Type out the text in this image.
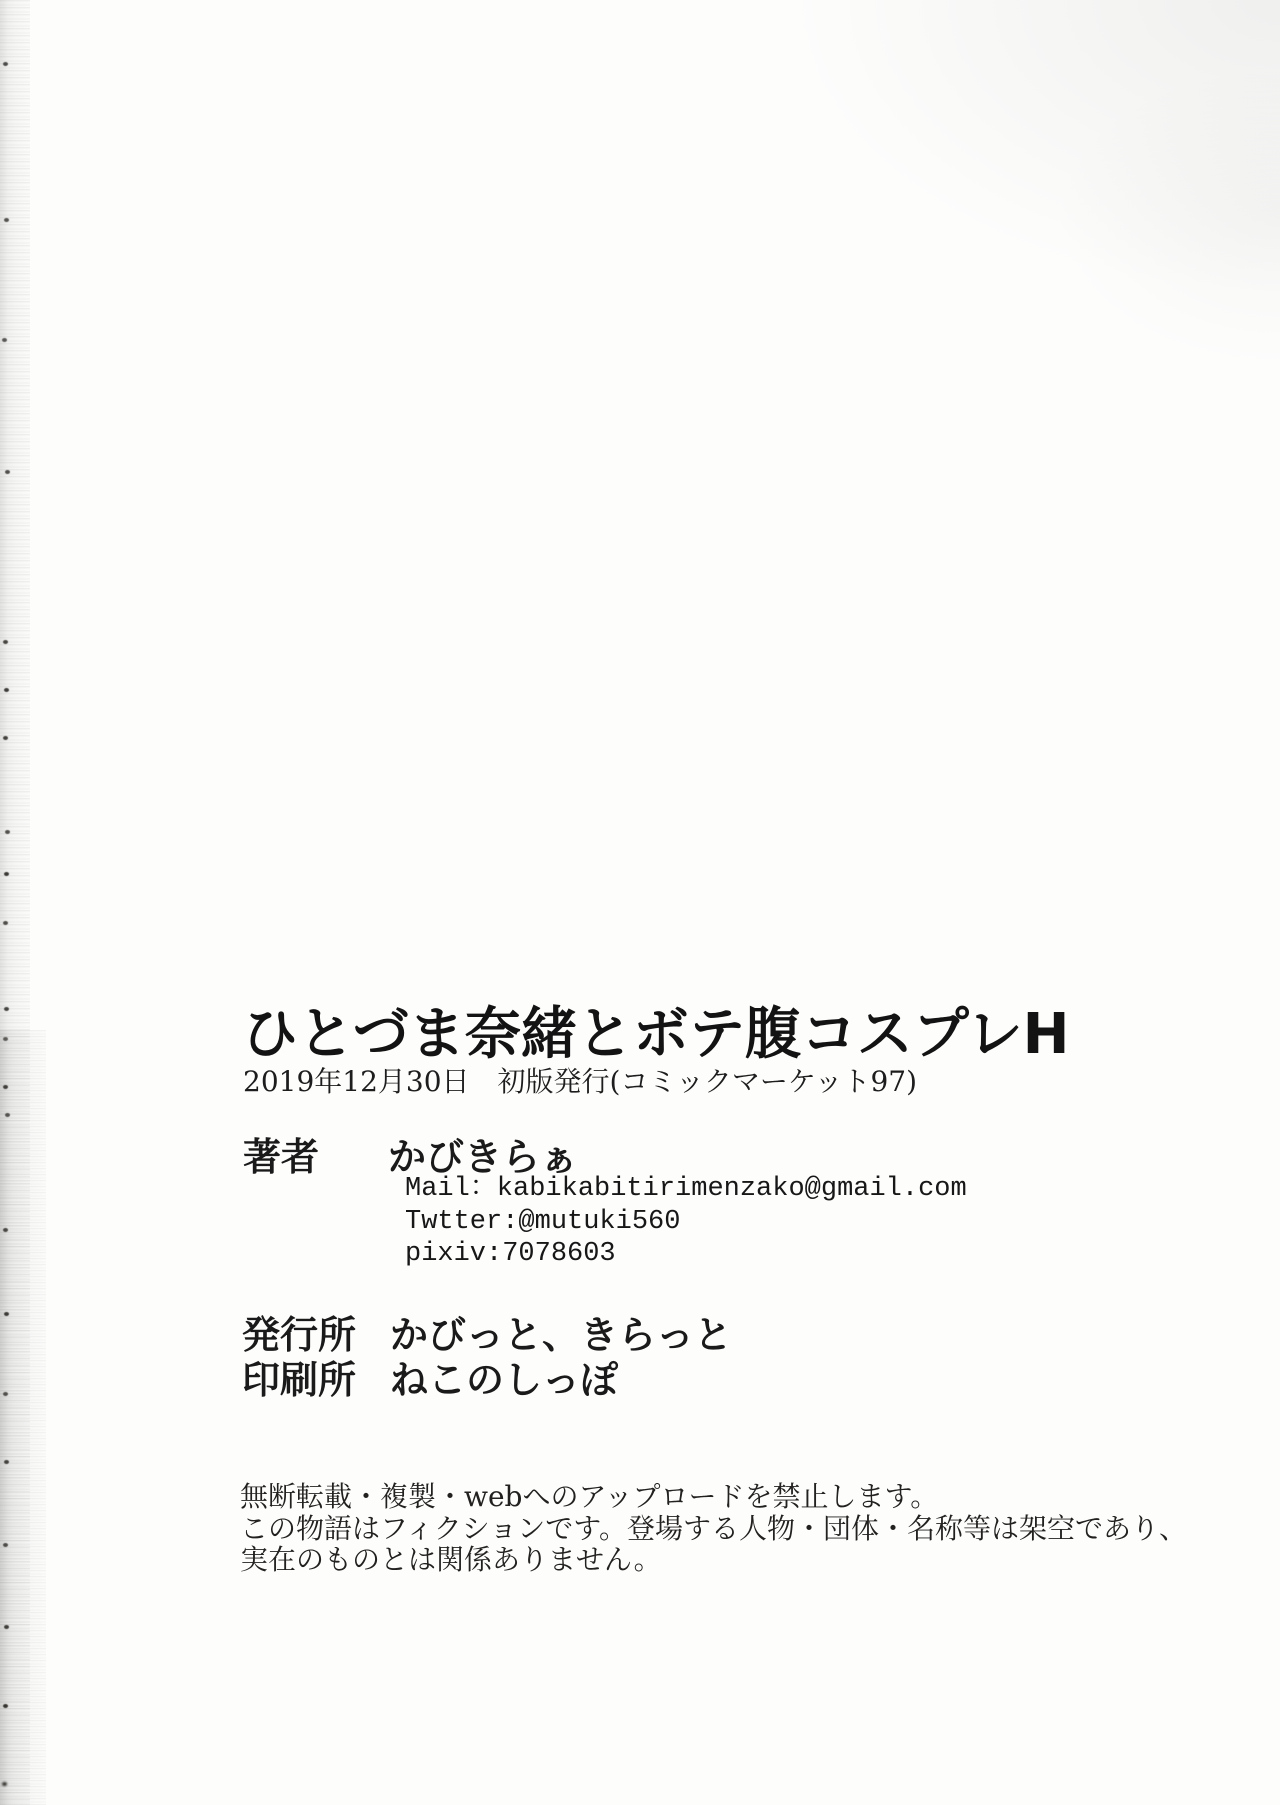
ひとづま奈緒とボテ腹コスプレH
2019年12月30日　初版発行(コミックマーケット97)
著者	かびきらぁ
Mail：kabikabitirimenzako@gmail.com
Twtter:@mutuki560
pixiv:7078603
発行所 かびっと、きらっと
印刷所 ねこのしっぽ
無断転載・複製・webへのアップロードを禁止します。
この物語はフィクションです。登場する人物・団体・名称等は架空であり、
実在のものとは関係ありません。
